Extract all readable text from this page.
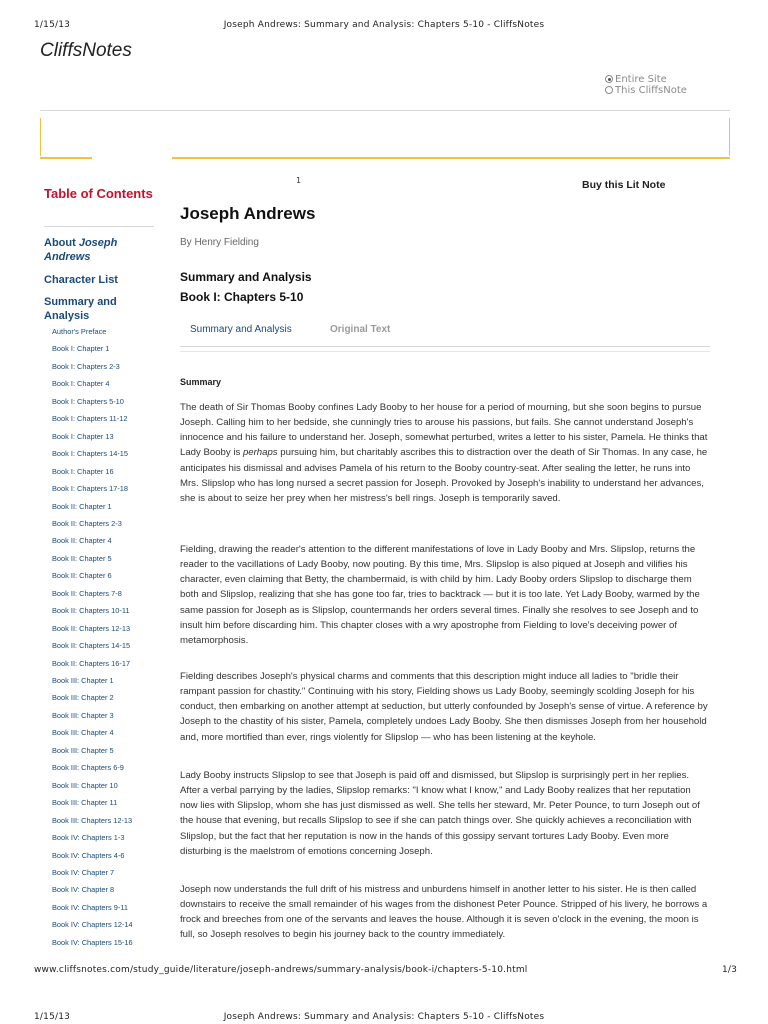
1/15/13	Joseph Andrews: Summary and Analysis: Chapters 5-10 - CliffsNotes
CliffsNotes
Entire Site
This CliffsNote
1	Buy this Lit Note
Table of Contents
About Joseph Andrews
Character List
Summary and Analysis
Author's Preface
Book I: Chapter 1
Book I: Chapters 2-3
Book I: Chapter 4
Book I: Chapters 5-10
Book I: Chapters 11-12
Book I: Chapter 13
Book I: Chapters 14-15
Book I: Chapter 16
Book I: Chapters 17-18
Book II: Chapter 1
Book II: Chapters 2-3
Book II: Chapter 4
Book II: Chapter 5
Book II: Chapter 6
Book II: Chapters 7-8
Book II: Chapters 10-11
Book II: Chapters 12-13
Book II: Chapters 14-15
Book II: Chapters 16-17
Book III: Chapter 1
Book III: Chapter 2
Book III: Chapter 3
Book III: Chapter 4
Book III: Chapter 5
Book III: Chapters 6-9
Book III: Chapter 10
Book III: Chapter 11
Book III: Chapters 12-13
Book IV: Chapters 1-3
Book IV: Chapters 4-6
Book IV: Chapter 7
Book IV: Chapter 8
Book IV: Chapters 9-11
Book IV: Chapters 12-14
Book IV: Chapters 15-16
Joseph Andrews
By Henry Fielding
Summary and Analysis
Book I: Chapters 5-10
Summary and Analysis	Original Text
Summary

The death of Sir Thomas Booby confines Lady Booby to her house for a period of mourning, but she soon begins to pursue Joseph. Calling him to her bedside, she cunningly tries to arouse his passions, but fails. She cannot understand Joseph's innocence and his failure to understand her. Joseph, somewhat perturbed, writes a letter to his sister, Pamela. He thinks that Lady Booby is perhaps pursuing him, but charitably ascribes this to distraction over the death of Sir Thomas. In any case, he anticipates his dismissal and advises Pamela of his return to the Booby country-seat. After sealing the letter, he runs into Mrs. Slipslop who has long nursed a secret passion for Joseph. Provoked by Joseph's inability to understand her advances, she is about to seize her prey when her mistress's bell rings. Joseph is temporarily saved.

Fielding, drawing the reader's attention to the different manifestations of love in Lady Booby and Mrs. Slipslop, returns the reader to the vacillations of Lady Booby, now pouting. By this time, Mrs. Slipslop is also piqued at Joseph and vilifies his character, even claiming that Betty, the chambermaid, is with child by him. Lady Booby orders Slipslop to discharge them both and Slipslop, realizing that she has gone too far, tries to backtrack — but it is too late. Yet Lady Booby, warmed by the same passion for Joseph as is Slipslop, countermands her orders several times. Finally she resolves to see Joseph and to insult him before discarding him. This chapter closes with a wry apostrophe from Fielding to love's deceiving power of metamorphosis.

Fielding describes Joseph's physical charms and comments that this description might induce all ladies to "bridle their rampant passion for chastity." Continuing with his story, Fielding shows us Lady Booby, seemingly scolding Joseph for his conduct, then embarking on another attempt at seduction, but utterly confounded by Joseph's sense of virtue. A reference by Joseph to the chastity of his sister, Pamela, completely undoes Lady Booby. She then dismisses Joseph from her household and, more mortified than ever, rings violently for Slipslop — who has been listening at the keyhole.

Lady Booby instructs Slipslop to see that Joseph is paid off and dismissed, but Slipslop is surprisingly pert in her replies. After a verbal parrying by the ladies, Slipslop remarks: "I know what I know," and Lady Booby realizes that her reputation now lies with Slipslop, whom she has just dismissed as well. She tells her steward, Mr. Peter Pounce, to turn Joseph out of the house that evening, but recalls Slipslop to see if she can patch things over. She quickly achieves a reconciliation with Slipslop, but the fact that her reputation is now in the hands of this gossipy servant tortures Lady Booby. Even more disturbing is the maelstrom of emotions concerning Joseph.

Joseph now understands the full drift of his mistress and unburdens himself in another letter to his sister. He is then called downstairs to receive the small remainder of his wages from the dishonest Peter Pounce. Stripped of his livery, he borrows a frock and breeches from one of the servants and leaves the house. Although it is seven o'clock in the evening, the moon is full, so Joseph resolves to begin his journey back to the country immediately.

www.cliffsnotes.com/study_guide/literature/joseph-andrews/summary-analysis/book-i/chapters-5-10.html	1/3
1/15/13	Joseph Andrews: Summary and Analysis: Chapters 5-10 - CliffsNotes
